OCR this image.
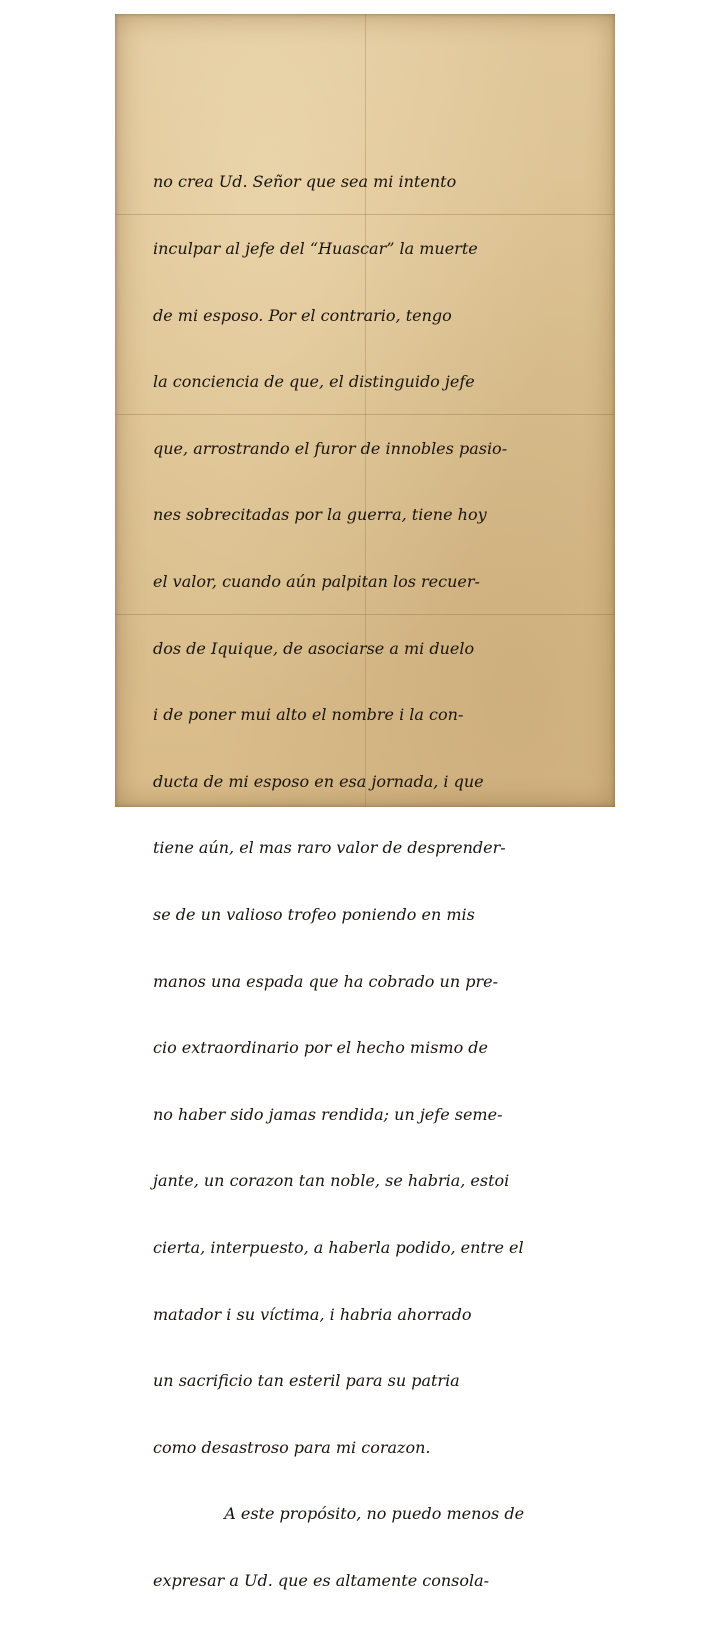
no crea Ud. Señor que sea mi intento

inculpar al jefe del “Huascar” la muerte

de mi esposo. Por el contrario, tengo

la conciencia de que, el distinguido jefe

que, arrostrando el furor de innobles pasio-

nes sobrecitadas por la guerra, tiene hoy

el valor, cuando aún palpitan los recuer-

dos de Iquique, de asociarse a mi duelo

i de poner mui alto el nombre i la con-

ducta de mi esposo en esa jornada, i que

tiene aún, el mas raro valor de desprender-

se de un valioso trofeo poniendo en mis

manos una espada que ha cobrado un pre-

cio extraordinario por el hecho mismo de

no haber sido jamas rendida; un jefe seme-

jante, un corazon tan noble, se habria, estoi

cierta, interpuesto, a haberla podido, entre el

matador i su víctima, i habria ahorrado

un sacrificio tan esteril para su patria

como desastroso para mi corazon.

A este propósito, no puedo menos de

expresar a Ud. que es altamente consola-
